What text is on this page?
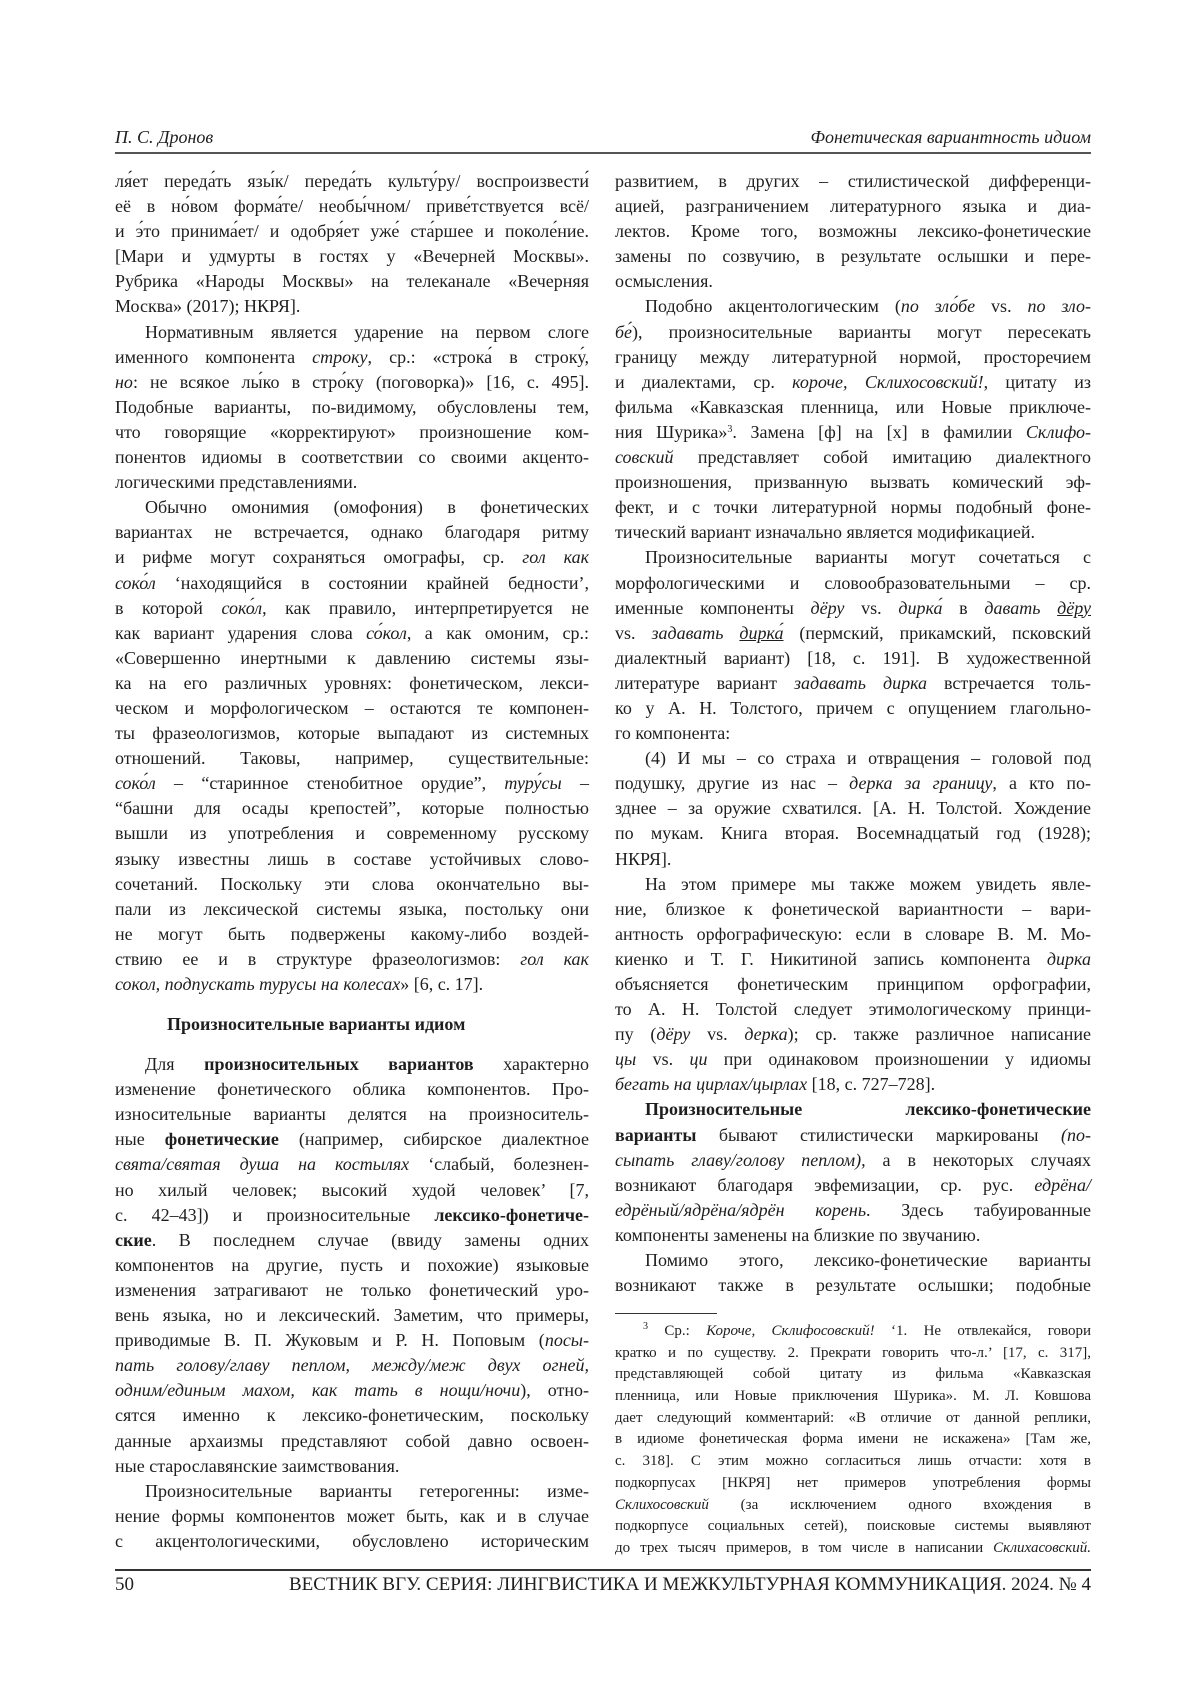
П. С. Дронов	Фонетическая вариантность идиом
ля́ет переда́ть язы́к/ переда́ть культу́ру/ воспроизвести́
её в но́вом форма́те/ необы́чном/ приве́тствуется всё/
и э́то принима́ет/ и одобря́ет уже́ ста́ршее и поколе́ние.
[Мари и удмурты в гостях у «Вечерней Москвы».
Рубрика «Народы Москвы» на телеканале «Вечерняя
Москва» (2017); НКРЯ].
Нормативным является ударение на первом слоге
именного компонента строку, ср.: «строка́ в строку́,
но: не всякое лы́ко в стро́ку (поговорка)» [16, с. 495].
Подобные варианты, по-видимому, обусловлены тем,
что говорящие «корректируют» произношение ком-
понентов идиомы в соответствии со своими акценто-
логическими представлениями.
Обычно омонимия (омофония) в фонетических
вариантах не встречается, однако благодаря ритму
и рифме могут сохраняться омографы, ср. гол как
соко́л ‘находящийся в состоянии крайней бедности’,
в которой соко́л, как правило, интерпретируется не
как вариант ударения слова со́кол, а как омоним, ср.:
«Совершенно инертными к давлению системы язы-
ка на его различных уровнях: фонетическом, лекси-
ческом и морфологическом – остаются те компонен-
ты фразеологизмов, которые выпадают из системных
отношений. Таковы, например, существительные:
соко́л – “старинное стенобитное орудие”, туру́сы –
“башни для осады крепостей”, которые полностью
вышли из употребления и современному русскому
языку известны лишь в составе устойчивых слово-
сочетаний. Поскольку эти слова окончательно вы-
пали из лексической системы языка, постольку они
не могут быть подвержены какому-либо воздей-
ствию ее и в структуре фразеологизмов: гол как
сокол, подпускать турусы на колесах» [6, с. 17].
Произносительные варианты идиом
Для произносительных вариантов характерно
изменение фонетического облика компонентов. Про-
износительные варианты делятся на произноситель-
ные фонетические (например, сибирское диалектное
свята/святая душа на костылях ‘слабый, болезнен-
но хилый человек; высокий худой человек’ [7,
с. 42–43]) и произносительные лексико-фонетиче-
ские. В последнем случае (ввиду замены одних
компонентов на другие, пусть и похожие) языковые
изменения затрагивают не только фонетический уро-
вень языка, но и лексический. Заметим, что примеры,
приводимые В. П. Жуковым и Р. Н. Поповым (посы-
пать голову/главу пеплом, между/меж двух огней,
одним/единым махом, как тать в нощи/ночи), отно-
сятся именно к лексико-фонетическим, поскольку
данные архаизмы представляют собой давно освоен-
ные старославянские заимствования.
Произносительные варианты гетерогенны: изме-
нение формы компонентов может быть, как и в случае
с акцентологическими, обусловлено историческим
развитием, в других – стилистической дифференци-
ацией, разграничением литературного языка и диа-
лектов. Кроме того, возможны лексико-фонетические
замены по созвучию, в результате ослышки и пере-
осмысления.
Подобно акцентологическим (по зло́бе vs. по зло-
бе́), произносительные варианты могут пересекать
границу между литературной нормой, просторечием
и диалектами, ср. короче, Склихосовский!, цитату из
фильма «Кавказская пленница, или Новые приключе-
ния Шурика»$^3$. Замена [ф] на [х] в фамилии Склифо-
совский представляет собой имитацию диалектного
произношения, призванную вызвать комический эф-
фект, и с точки литературной нормы подобный фоне-
тический вариант изначально является модификацией.
Произносительные варианты могут сочетаться с
морфологическими и словообразовательными – ср.
именные компоненты дёру vs. дирка́ в давать дёру
vs. задавать дирка́ (пермский, прикамский, псковский
диалектный вариант) [18, с. 191]. В художественной
литературе вариант задавать дирка встречается толь-
ко у А. Н. Толстого, причем с опущением глагольно-
го компонента:
(4) И мы – со страха и отвращения – головой под
подушку, другие из нас – дерка за границу, а кто по-
зднее – за оружие схватился. [А. Н. Толстой. Хождение
по мукам. Книга вторая. Восемнадцатый год (1928);
НКРЯ].
На этом примере мы также можем увидеть явле-
ние, близкое к фонетической вариантности – вари-
антность орфографическую: если в словаре В. М. Мо-
киенко и Т. Г. Никитиной запись компонента дирка
объясняется фонетическим принципом орфографии,
то А. Н. Толстой следует этимологическому принци-
пу (дёру vs. дерка); ср. также различное написание
цы vs. ци при одинаковом произношении у идиомы
бегать на цирлах/цырлах [18, с. 727–728].
Произносительные лексико-фонетические
варианты бывают стилистически маркированы (по-
сыпать главу/голову пеплом), а в некоторых случаях
возникают благодаря эвфемизации, ср. рус. едрёна/
едрёный/ядрёна/ядрён корень. Здесь табуированные
компоненты заменены на близкие по звучанию.
Помимо этого, лексико-фонетические варианты
возникают также в результате ослышки; подобные
$^3$ Ср.: Короче, Склифосовский! ‘1. Не отвлекайся, говори
кратко и по существу. 2. Прекрати говорить что-л.’ [17, с. 317],
представляющей собой цитату из фильма «Кавказская
пленница, или Новые приключения Шурика». М. Л. Ковшова
дает следующий комментарий: «В отличие от данной реплики,
в идиоме фонетическая форма имени не искажена» [Там же,
с. 318]. С этим можно согласиться лишь отчасти: хотя в
подкорпусах [НКРЯ] нет примеров употребления формы
Склихосовский (за исключением одного вхождения в
подкорпусе социальных сетей), поисковые системы выявляют
до трех тысяч примеров, в том числе в написании Склихасовский.
50	ВЕСТНИК ВГУ. СЕРИЯ: ЛИНГВИСТИКА И МЕЖКУЛЬТУРНАЯ КОММУНИКАЦИЯ. 2024. № 4
